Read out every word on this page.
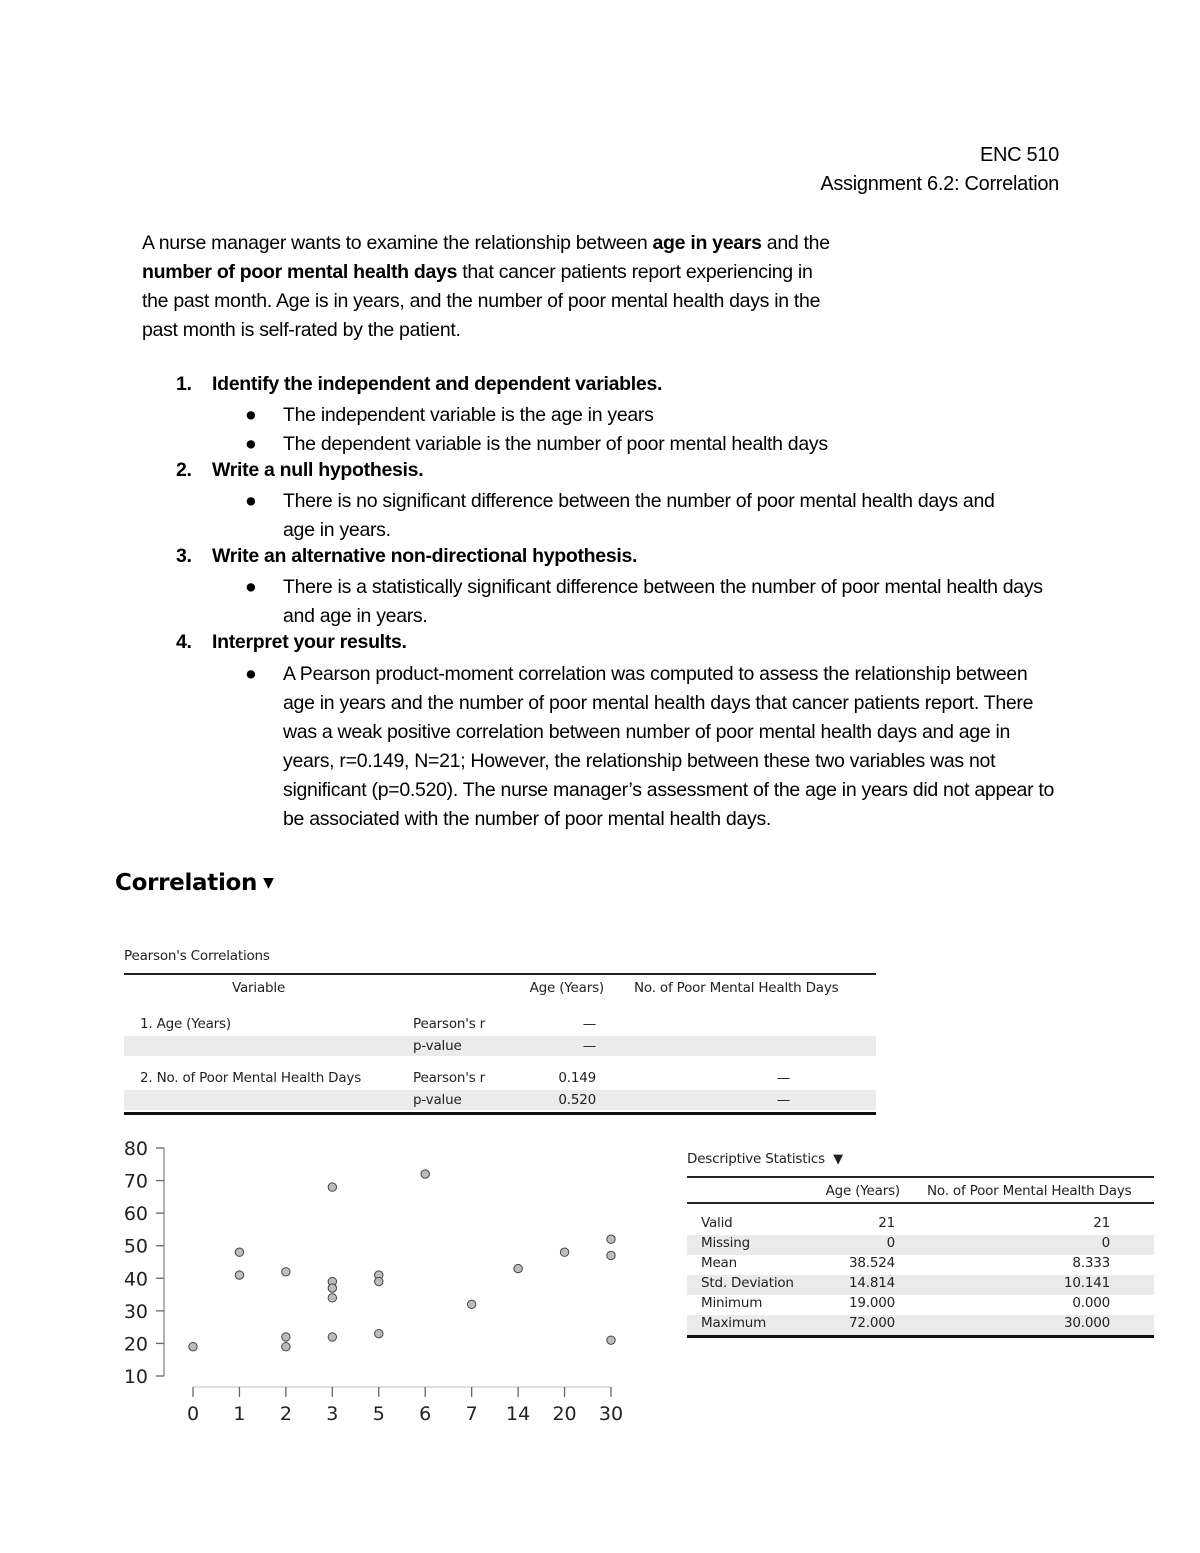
ENC 510
Assignment 6.2: Correlation
A nurse manager wants to examine the relationship between age in years and the
number of poor mental health days that cancer patients report experiencing in
the past month. Age is in years, and the number of poor mental health days in the
past month is self-rated by the patient.
1. Identify the independent and dependent variables.
● The independent variable is the age in years
● The dependent variable is the number of poor mental health days
2. Write a null hypothesis.
● There is no significant difference between the number of poor mental health days and age in years.
3. Write an alternative non-directional hypothesis.
● There is a statistically significant difference between the number of poor mental health days and age in years.
4. Interpret your results.
● A Pearson product-moment correlation was computed to assess the relationship between age in years and the number of poor mental health days that cancer patients report. There was a weak positive correlation between number of poor mental health days and age in years, r=0.149, N=21; However, the relationship between these two variables was not significant (p=0.520). The nurse manager’s assessment of the age in years did not appear to be associated with the number of poor mental health days.
Correlation ▼
Pearson's Correlations
Variable	Age (Years) No. of Poor Mental Health Days
1. Age (Years)	Pearson's r	—
p-value	—
2. No. of Poor Mental Health Days	Pearson's r	0.149	—
p-value	0.520	—
Descriptive Statistics ▼
Age (Years) No. of Poor Mental Health Days
Valid	21	21
Missing	0	0
Mean	38.524	8.333
Std. Deviation	14.814	10.141
Minimum	19.000	0.000
Maximum	72.000	30.000
10
20
30
40
50
60
70
80
0 1 2 3 5 6 7 14 20 30
